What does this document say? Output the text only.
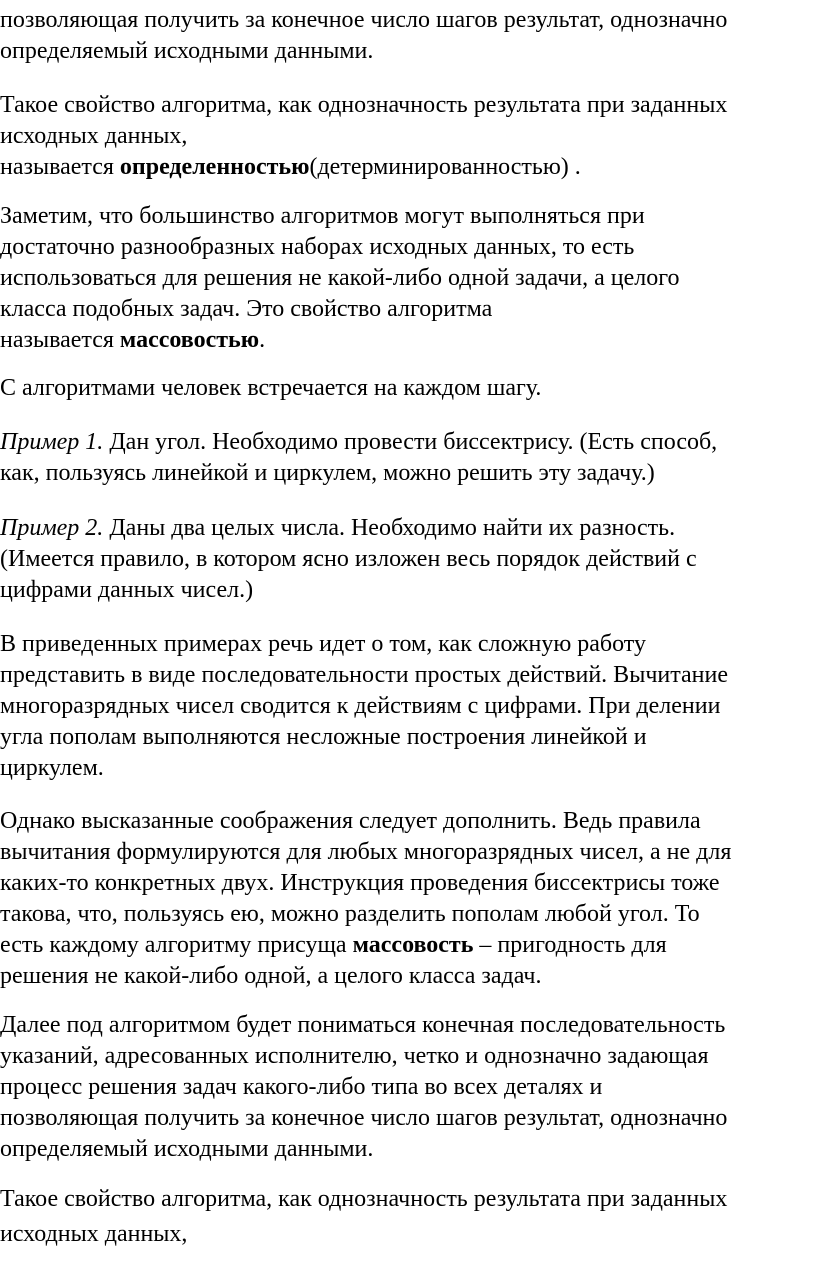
позволяющая получить за конечное число шагов результат, однозначно
определяемый исходными данными.

Такое свойство алгоритма, как однозначность результата при заданных
исходных данных,
называется определенностью(детерминированностью) .

Заметим, что большинство алгоритмов могут выполняться при
достаточно разнообразных наборах исходных данных, то есть
использоваться для решения не какой-либо одной задачи, а целого
класса подобных задач. Это свойство алгоритма
называется массовостью.

С алгоритмами человек встречается на каждом шагу.

Пример 1. Дан угол. Необходимо провести биссектрису. (Есть способ,
как, пользуясь линейкой и циркулем, можно решить эту задачу.)

Пример 2. Даны два целых числа. Необходимо найти их разность.
(Имеется правило, в котором ясно изложен весь порядок действий с
цифрами данных чисел.)

В приведенных примерах речь идет о том, как сложную работу
представить в виде последовательности простых действий. Вычитание
многоразрядных чисел сводится к действиям с цифрами. При делении
угла пополам выполняются несложные построения линейкой и
циркулем.

Однако высказанные соображения следует дополнить. Ведь правила
вычитания формулируются для любых многоразрядных чисел, а не для
каких-то конкретных двух. Инструкция проведения биссектрисы тоже
такова, что, пользуясь ею, можно разделить пополам любой угол. То
есть каждому алгоритму присуща массовость – пригодность для
решения не какой-либо одной, а целого класса задач.

Далее под алгоритмом будет пониматься конечная последовательность
указаний, адресованных исполнителю, четко и однозначно задающая
процесс решения задач какого-либо типа во всех деталях и
позволяющая получить за конечное число шагов результат, однозначно
определяемый исходными данными.

Такое свойство алгоритма, как однозначность результата при заданных
исходных данных,
